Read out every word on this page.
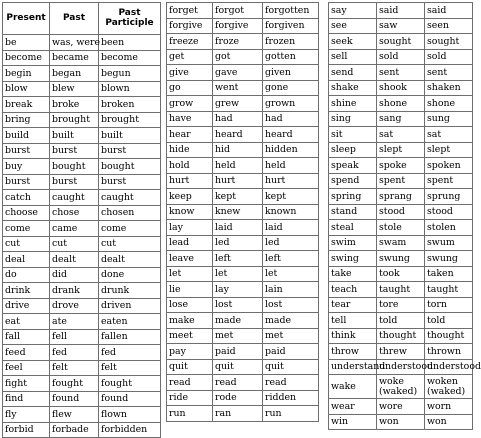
Present	Past	Past Participle
be	was, were	been
become	became	become
begin	began	begun
blow	blew	blown
break	broke	broken
bring	brought	brought
build	built	built
burst	burst	burst
buy	bought	bought
burst	burst	burst
catch	caught	caught
choose	chose	chosen
come	came	come
cut	cut	cut
deal	dealt	dealt
do	did	done
drink	drank	drunk
drive	drove	driven
eat	ate	eaten
fall	fell	fallen
feed	fed	fed
feel	felt	felt
fight	fought	fought
find	found	found
fly	flew	flown
forbid	forbade	forbidden
forget	forgot	forgotten
forgive	forgive	forgiven
freeze	froze	frozen
get	got	gotten
give	gave	given
go	went	gone
grow	grew	grown
have	had	had
hear	heard	heard
hide	hid	hidden
hold	held	held
hurt	hurt	hurt
keep	kept	kept
know	knew	known
lay	laid	laid
lead	led	led
leave	left	left
let	let	let
lie	lay	lain
lose	lost	lost
make	made	made
meet	met	met
pay	paid	paid
quit	quit	quit
read	read	read
ride	rode	ridden
run	ran	run
say	said	said
see	saw	seen
seek	sought	sought
sell	sold	sold
send	sent	sent
shake	shook	shaken
shine	shone	shone
sing	sang	sung
sit	sat	sat
sleep	slept	slept
speak	spoke	spoken
spend	spent	spent
spring	sprang	sprung
stand	stood	stood
steal	stole	stolen
swim	swam	swum
swing	swung	swung
take	took	taken
teach	taught	taught
tear	tore	torn
tell	told	told
think	thought	thought
throw	threw	thrown
understand	understood	understood
wake	woke (waked)	woken (waked)
wear	wore	worn
win	won	won
